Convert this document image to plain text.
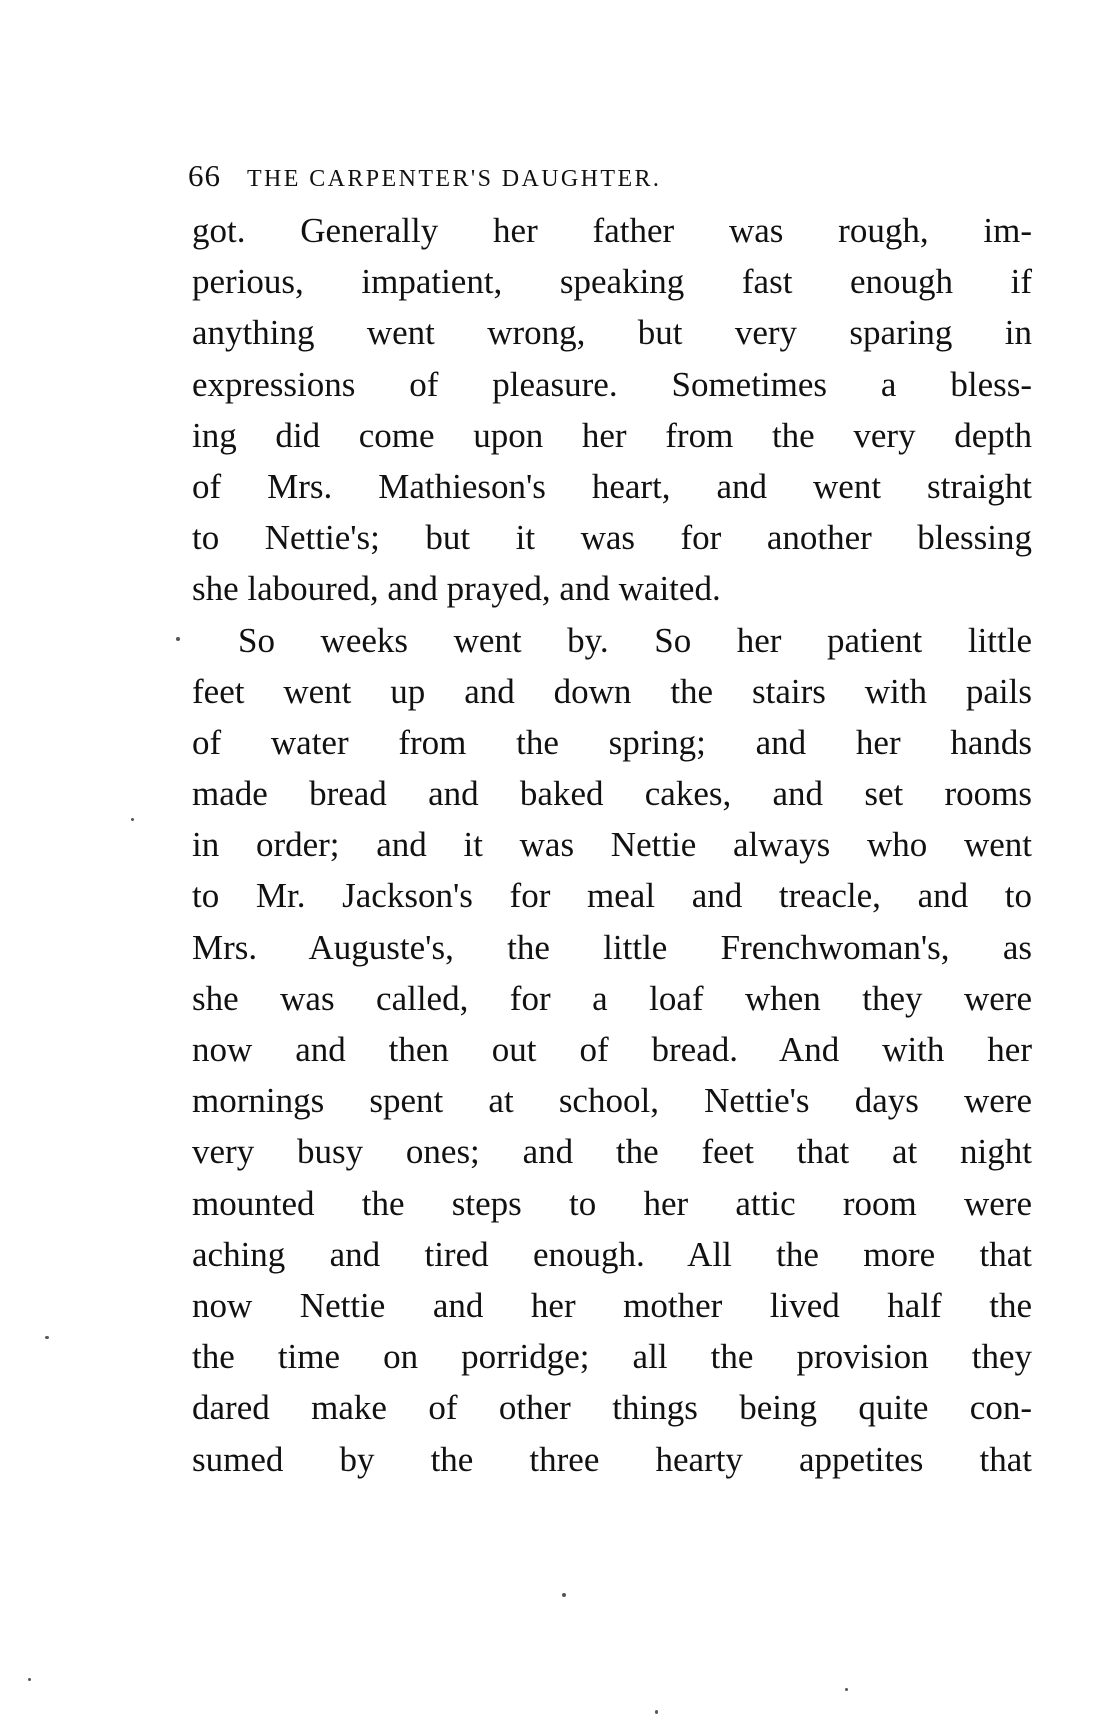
66 THE CARPENTER'S DAUGHTER.
got. Generally her father was rough, im-
perious, impatient, speaking fast enough if
anything went wrong, but very sparing in
expressions of pleasure. Sometimes a bless-
ing did come upon her from the very depth
of Mrs. Mathieson's heart, and went straight
to Nettie's; but it was for another blessing
she laboured, and prayed, and waited.
So weeks went by. So her patient little
feet went up and down the stairs with pails
of water from the spring; and her hands
made bread and baked cakes, and set rooms
in order; and it was Nettie always who went
to Mr. Jackson's for meal and treacle, and to
Mrs. Auguste's, the little Frenchwoman's, as
she was called, for a loaf when they were
now and then out of bread. And with her
mornings spent at school, Nettie's days were
very busy ones; and the feet that at night
mounted the steps to her attic room were
aching and tired enough. All the more that
now Nettie and her mother lived half the
the time on porridge; all the provision they
dared make of other things being quite con-
sumed by the three hearty appetites that
